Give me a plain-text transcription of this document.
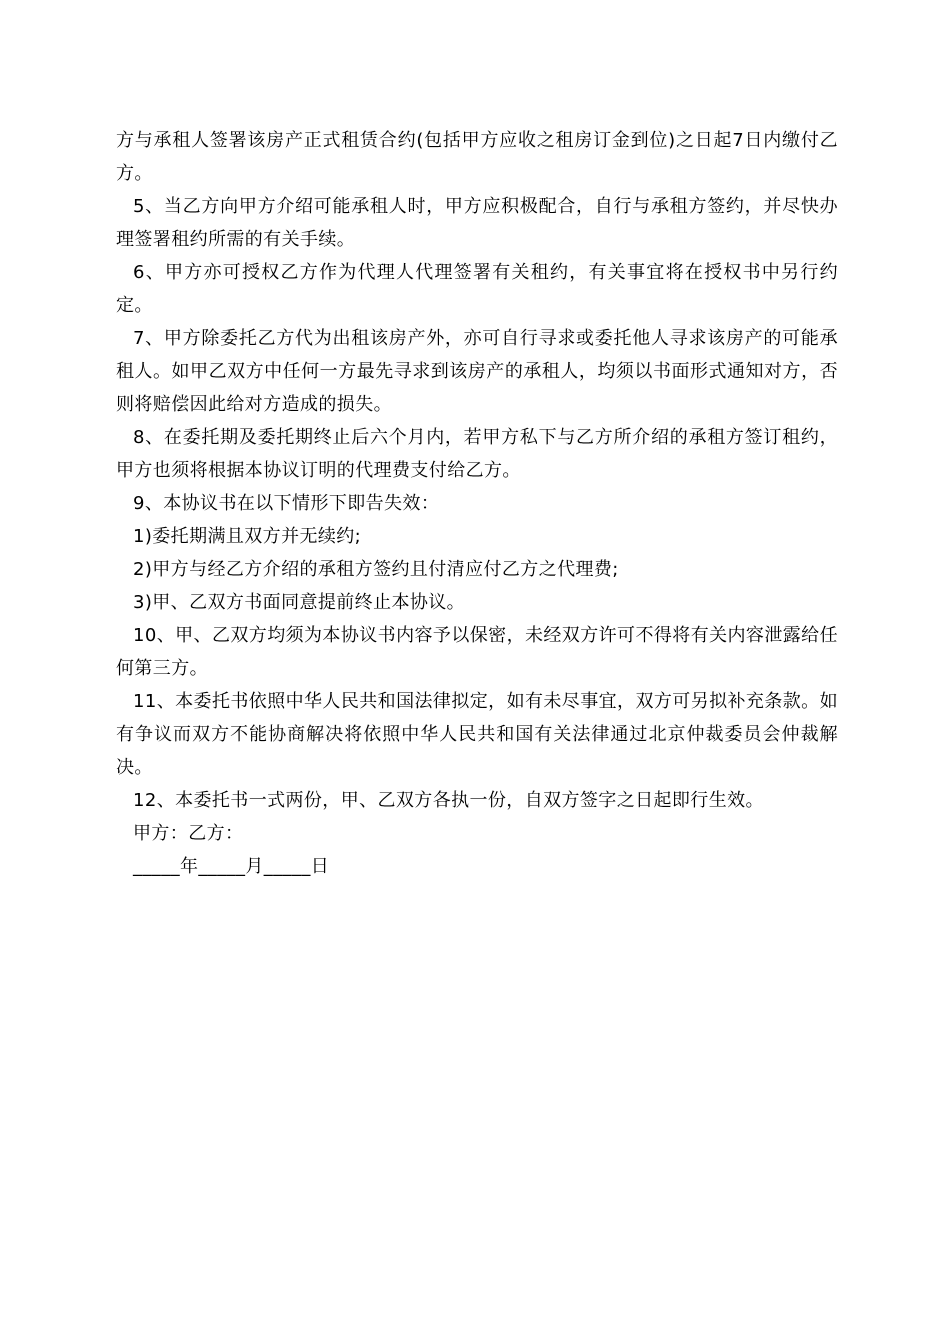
方与承租人签署该房产正式租赁合约(包括甲方应收之租房订金到位)之日起7日内缴付乙方。

5、当乙方向甲方介绍可能承租人时，甲方应积极配合，自行与承租方签约，并尽快办理签署租约所需的有关手续。

6、甲方亦可授权乙方作为代理人代理签署有关租约，有关事宜将在授权书中另行约定。

7、甲方除委托乙方代为出租该房产外，亦可自行寻求或委托他人寻求该房产的可能承租人。如甲乙双方中任何一方最先寻求到该房产的承租人，均须以书面形式通知对方，否则将赔偿因此给对方造成的损失。

8、在委托期及委托期终止后六个月内，若甲方私下与乙方所介绍的承租方签订租约，甲方也须将根据本协议订明的代理费支付给乙方。

9、本协议书在以下情形下即告失效：

1)委托期满且双方并无续约;

2)甲方与经乙方介绍的承租方签约且付清应付乙方之代理费;

3)甲、乙双方书面同意提前终止本协议。

10、甲、乙双方均须为本协议书内容予以保密，未经双方许可不得将有关内容泄露给任何第三方。

11、本委托书依照中华人民共和国法律拟定，如有未尽事宜，双方可另拟补充条款。如有争议而双方不能协商解决将依照中华人民共和国有关法律通过北京仲裁委员会仲裁解决。

12、本委托书一式两份，甲、乙双方各执一份，自双方签字之日起即行生效。

甲方：乙方：

_____年_____月_____日
